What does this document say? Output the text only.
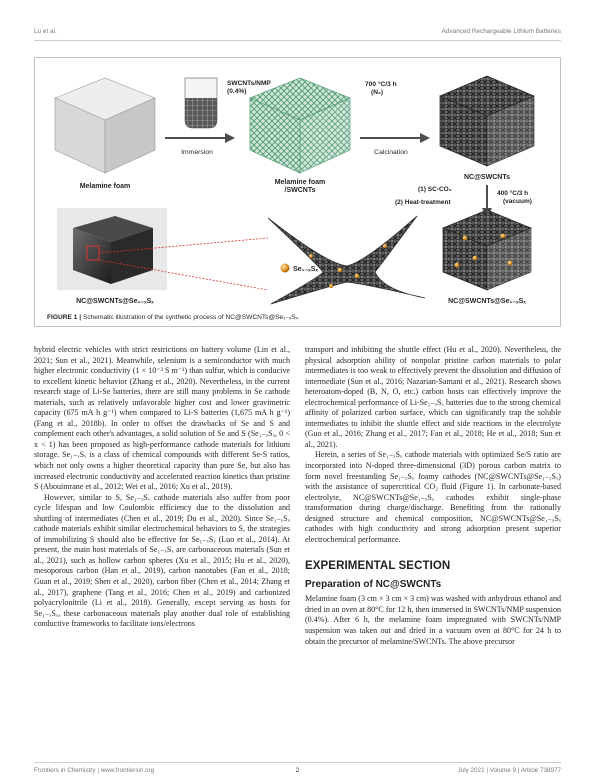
Lu et al.	Advanced Rechargeable Lithium Batteries
Melamine foam
SWCNTs/NMP
(0.4%)
Immersion
Melamine foam
/SWCNTs
700 °C/3 h
(N₂)
Calcination
NC@SWCNTs
(1) SC-CO₂
(2) Heat-treatment
400 °C/3 h
(vacuum)
NC@SWCNTs@Se₁₋ₓSₓ
Se₁₋ₓSₓ
NC@SWCNTs@Se₁₋ₓSₓ
FIGURE 1 | Schematic illustration of the synthetic process of NC@SWCNTs@Se₁₋ₓSₓ.

hybrid electric vehicles with strict restrictions on battery volume (Lin et al., 2021; Sun et al., 2021). Meanwhile, selenium is a semiconductor with much higher electronic conductivity (1 × 10⁻³ S m⁻¹) than sulfur, which is conducive to excellent kinetic behavior (Zhang et al., 2020). Nevertheless, in the current research stage of Li-Se batteries, there are still many problems in Se cathode materials, such as relatively unfavorable higher cost and lower gravimetric capacity (675 mA h g⁻¹) when compared to Li-S batteries (1,675 mA h g⁻¹) (Fang et al., 2018b). In order to offset the drawbacks of Se and S and complement each other's advantages, a solid solution of Se and S (Se₁₋ₓSₓ, 0 < x < 1) has been proposed as high-performance cathode materials for lithium storage. Se₁₋ₓSₓ is a class of chemical compounds with different Se-S ratios, which not only owns a higher theoretical capacity than pure Se, but also has increased electronic conductivity and accelerated reaction kinetics than pristine S (Abouimrane et al., 2012; Wei et al., 2016; Xu et al., 2019).

However, similar to S, Se₁₋ₓSₓ cathode materials also suffer from poor cycle lifespan and low Coulombic efficiency due to the dissolution and shuttling of intermediates (Chen et al., 2019; Du et al., 2020). Since Se₁₋ₓSₓ cathode materials exhibit similar electrochemical behaviors to S, the strategies of immobilizing S should also be effective for Se₁₋ₓSₓ (Luo et al., 2014). At present, the main host materials of Se₁₋ₓSₓ are carbonaceous materials (Sun et al., 2021), such as hollow carbon spheres (Xu et al., 2015; Hu et al., 2020), mesoporous carbon (Han et al., 2019), carbon nanotubes (Fan et al., 2018; Guan et al., 2019; Shen et al., 2020), carbon fiber (Chen et al., 2014; Zhang et al., 2017), graphene (Tang et al., 2016; Chen et al., 2019) and carbonized polyacrylonitrile (Li et al., 2018). Generally, except serving as hosts for Se₁₋ₓSₓ, these carbonaceous materials play another dual role of establishing conductive frameworks to facilitate ions/electrons

transport and inhibiting the shuttle effect (Hu et al., 2020). Nevertheless, the physical adsorption ability of nonpolar pristine carbon materials to polar intermediates is too weak to effectively prevent the dissolution and diffusion of intermediate (Sun et al., 2016; Nazarian-Samani et al., 2021). Research shows heteroatom-doped (B, N, O, etc.) carbon hosts can effectively improve the electrochemical performance of Li-Se₁₋ₓSₓ batteries due to the strong chemical affinity of polarized carbon surface, which can significantly trap the soluble intermediates to inhibit the shuttle effect and side reactions in the electrolyte (Guo et al., 2016; Zhang et al., 2017; Fan et al., 2018; He et al., 2018; Sun et al., 2021).

Herein, a series of Se₁₋ₓSₓ cathode materials with optimized Se/S ratio are incorporated into N-doped three-dimensional (3D) porous carbon matrix to form novel freestanding Se₁₋ₓSₓ foamy cathodes (NC@SWCNTs@Se₁₋ₓSₓ) with the assistance of supercritical CO₂ fluid (Figure 1). In carbonate-based electrolyte, NC@SWCNTs@Se₁₋ₓSₓ cathodes exhibit single-phase transformation during charge/discharge. Benefiting from the rationally designed structure and chemical composition, NC@SWCNTs@Se₁₋ₓSₓ cathodes with high conductivity and strong adsorption present superior electrochemical performance.

EXPERIMENTAL SECTION
Preparation of NC@SWCNTs

Melamine foam (3 cm × 3 cm × 3 cm) was washed with anhydrous ethanol and dried in an oven at 80°C for 12 h, then immersed in SWCNTs/NMP suspension (0.4%). After 6 h, the melamine foam impregnated with SWCNTs/NMP suspension was taken out and dried in a vacuum oven at 80°C for 24 h to obtain the precursor of melamine/SWCNTs. The above precursor

Frontiers in Chemistry | www.frontiersin.org	2	July 2021 | Volume 9 | Article 738977
